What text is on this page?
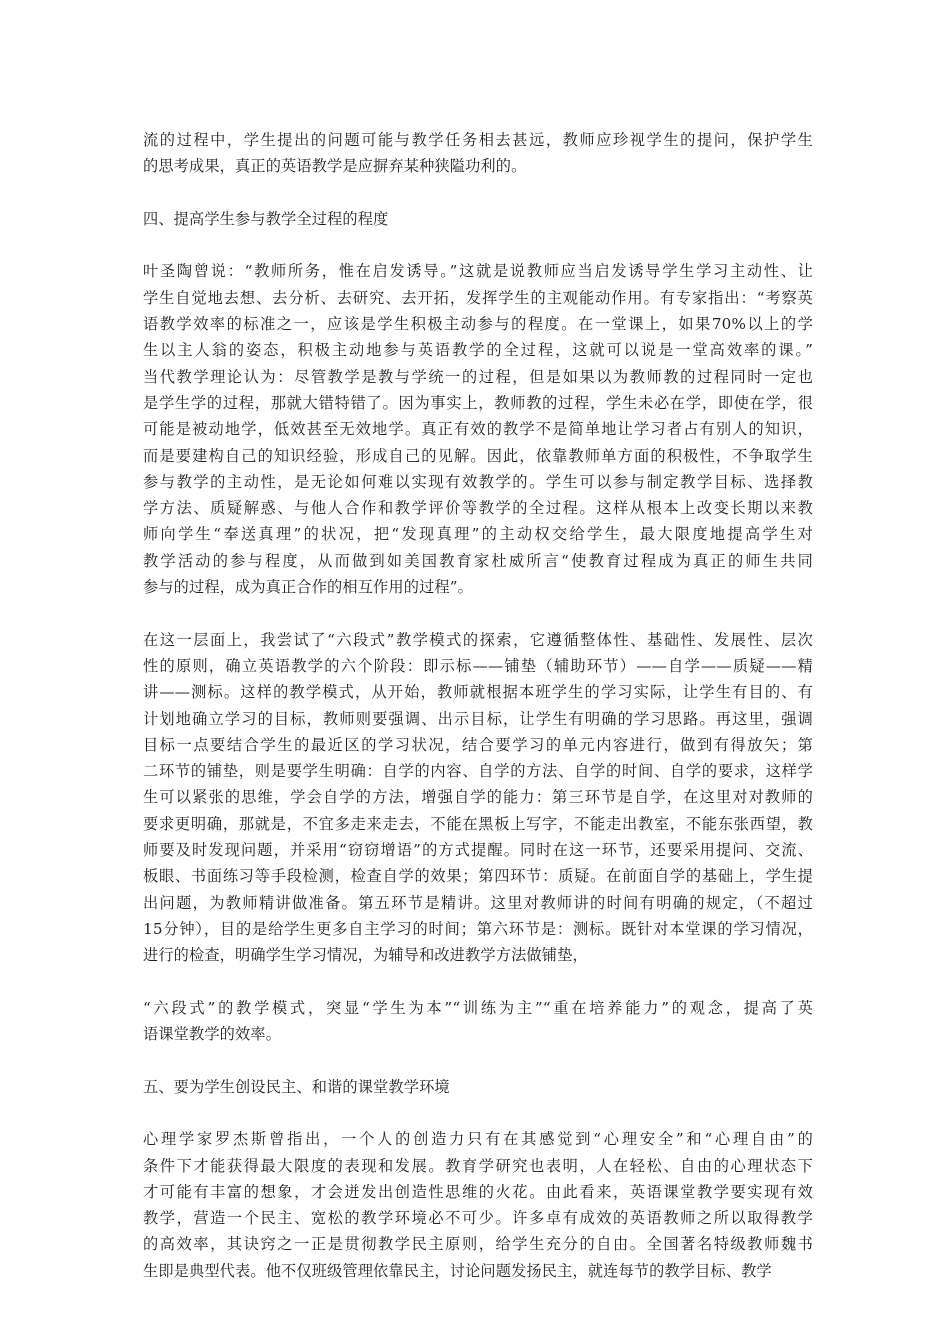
流的过程中，学生提出的问题可能与教学任务相去甚远，教师应珍视学生的提问，保护学生
的思考成果，真正的英语教学是应摒弃某种狭隘功利的。
四、提高学生参与教学全过程的程度
叶圣陶曾说：“教师所务，惟在启发诱导。”这就是说教师应当启发诱导学生学习主动性、让
学生自觉地去想、去分析、去研究、去开拓，发挥学生的主观能动作用。有专家指出：“考察英
语教学效率的标准之一，应该是学生积极主动参与的程度。在一堂课上，如果70%以上的学
生以主人翁的姿态，积极主动地参与英语教学的全过程，这就可以说是一堂高效率的课。”
当代教学理论认为：尽管教学是教与学统一的过程，但是如果以为教师教的过程同时一定也
是学生学的过程，那就大错特错了。因为事实上，教师教的过程，学生未必在学，即使在学，很
可能是被动地学，低效甚至无效地学。真正有效的教学不是简单地让学习者占有别人的知识，
而是要建构自己的知识经验，形成自己的见解。因此，依靠教师单方面的积极性，不争取学生
参与教学的主动性，是无论如何难以实现有效教学的。学生可以参与制定教学目标、选择教
学方法、质疑解惑、与他人合作和教学评价等教学的全过程。这样从根本上改变长期以来教
师向学生“奉送真理”的状况，把“发现真理”的主动权交给学生，最大限度地提高学生对
教学活动的参与程度，从而做到如美国教育家杜威所言“使教育过程成为真正的师生共同
参与的过程，成为真正合作的相互作用的过程”。
在这一层面上，我尝试了“六段式”教学模式的探索，它遵循整体性、基础性、发展性、层次
性的原则，确立英语教学的六个阶段：即示标——铺垫（辅助环节）——自学——质疑——精
讲——测标。这样的教学模式，从开始，教师就根据本班学生的学习实际，让学生有目的、有
计划地确立学习的目标，教师则要强调、出示目标，让学生有明确的学习思路。再这里，强调
目标一点要结合学生的最近区的学习状况，结合要学习的单元内容进行，做到有得放矢；第
二环节的铺垫，则是要学生明确：自学的内容、自学的方法、自学的时间、自学的要求，这样学
生可以紧张的思维，学会自学的方法，增强自学的能力：第三环节是自学，在这里对对教师的
要求更明确，那就是，不宜多走来走去，不能在黑板上写字，不能走出教室，不能东张西望，教
师要及时发现问题，并采用“窃窃增语”的方式提醒。同时在这一环节，还要采用提问、交流、
板眼、书面练习等手段检测，检查自学的效果；第四环节：质疑。在前面自学的基础上，学生提
出问题，为教师精讲做准备。第五环节是精讲。这里对教师讲的时间有明确的规定，（不超过
15分钟），目的是给学生更多自主学习的时间；第六环节是：测标。既针对本堂课的学习情况，
进行的检查，明确学生学习情况，为辅导和改进教学方法做铺垫，
“六段式”的教学模式，突显“学生为本”“训练为主”“重在培养能力”的观念，提高了英
语课堂教学的效率。
五、要为学生创设民主、和谐的课堂教学环境
心理学家罗杰斯曾指出，一个人的创造力只有在其感觉到“心理安全”和“心理自由”的
条件下才能获得最大限度的表现和发展。教育学研究也表明，人在轻松、自由的心理状态下
才可能有丰富的想象，才会迸发出创造性思维的火花。由此看来，英语课堂教学要实现有效
教学，营造一个民主、宽松的教学环境必不可少。许多卓有成效的英语教师之所以取得教学
的高效率，其诀窍之一正是贯彻教学民主原则，给学生充分的自由。全国著名特级教师魏书
生即是典型代表。他不仅班级管理依靠民主，讨论问题发扬民主，就连每节的教学目标、教学
